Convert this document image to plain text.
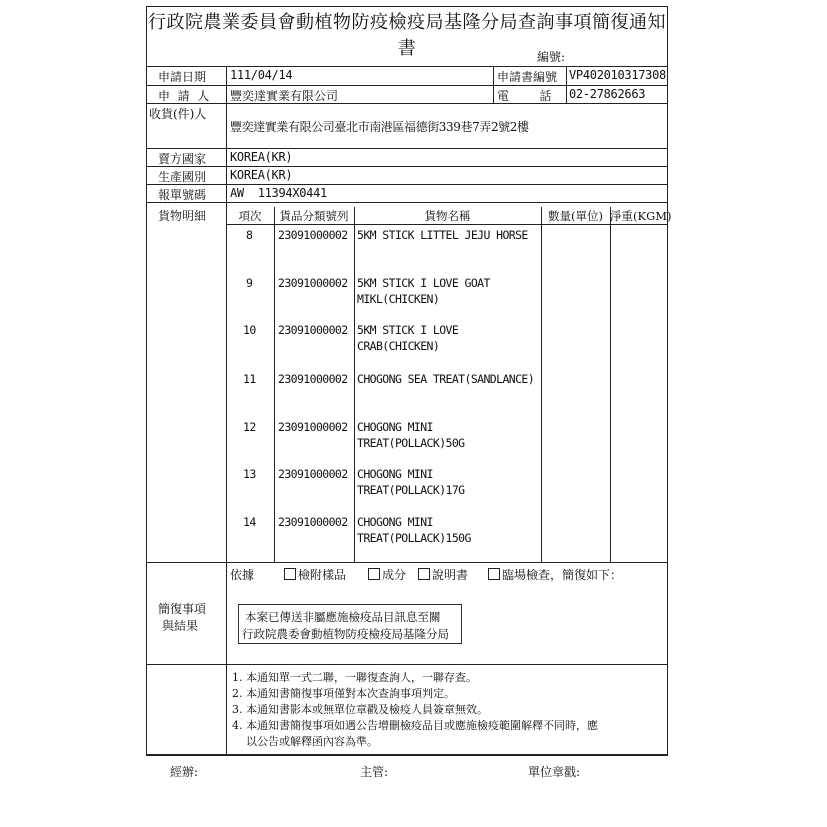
行政院農業委員會動植物防疫檢疫局基隆分局查詢事項簡復通知書	編號:
申請日期 111/04/14	申請書編號 VP402010317308
申  請  人 豐奕達實業有限公司	電        話 02-27862663
收貨(件)人
豐奕達實業有限公司臺北市南港區福德街339巷7弄2號2樓
賣方國家 KOREA(KR)
生產國別 KOREA(KR)
報單號碼 AW  11394X0441
貨物明細	項次	貨品分類號列	貨物名稱	數量(單位) 淨重(KGM)
8 23091000002 5KM STICK LITTEL JEJU HORSE
9 23091000002 5KM STICK I LOVE GOAT
MIKL(CHICKEN)
10 23091000002 5KM STICK I LOVE
CRAB(CHICKEN)
11 23091000002 CHOGONG SEA TREAT(SANDLANCE)
12 23091000002 CHOGONG MINI
TREAT(POLLACK)50G
13 23091000002 CHOGONG MINI
TREAT(POLLACK)17G
14 23091000002 CHOGONG MINI
TREAT(POLLACK)150G
簡復事項
與結果
依據	檢附樣品	成分	說明書	臨場檢查，簡復如下：
本案已傳送非屬應施檢疫品目訊息至關
行政院農委會動植物防疫檢疫局基隆分局
1. 本通知單一式二聯，一聯復查詢人，一聯存查。
2. 本通知書簡復事項僅對本次查詢事項判定。
3. 本通知書影本或無單位章戳及檢疫人員簽章無效。
4. 本通知書簡復事項如遇公告增刪檢疫品目或應施檢疫範圍解釋不同時，應
以公告或解釋函內容為準。
經辦:	主管:	單位章戳:
